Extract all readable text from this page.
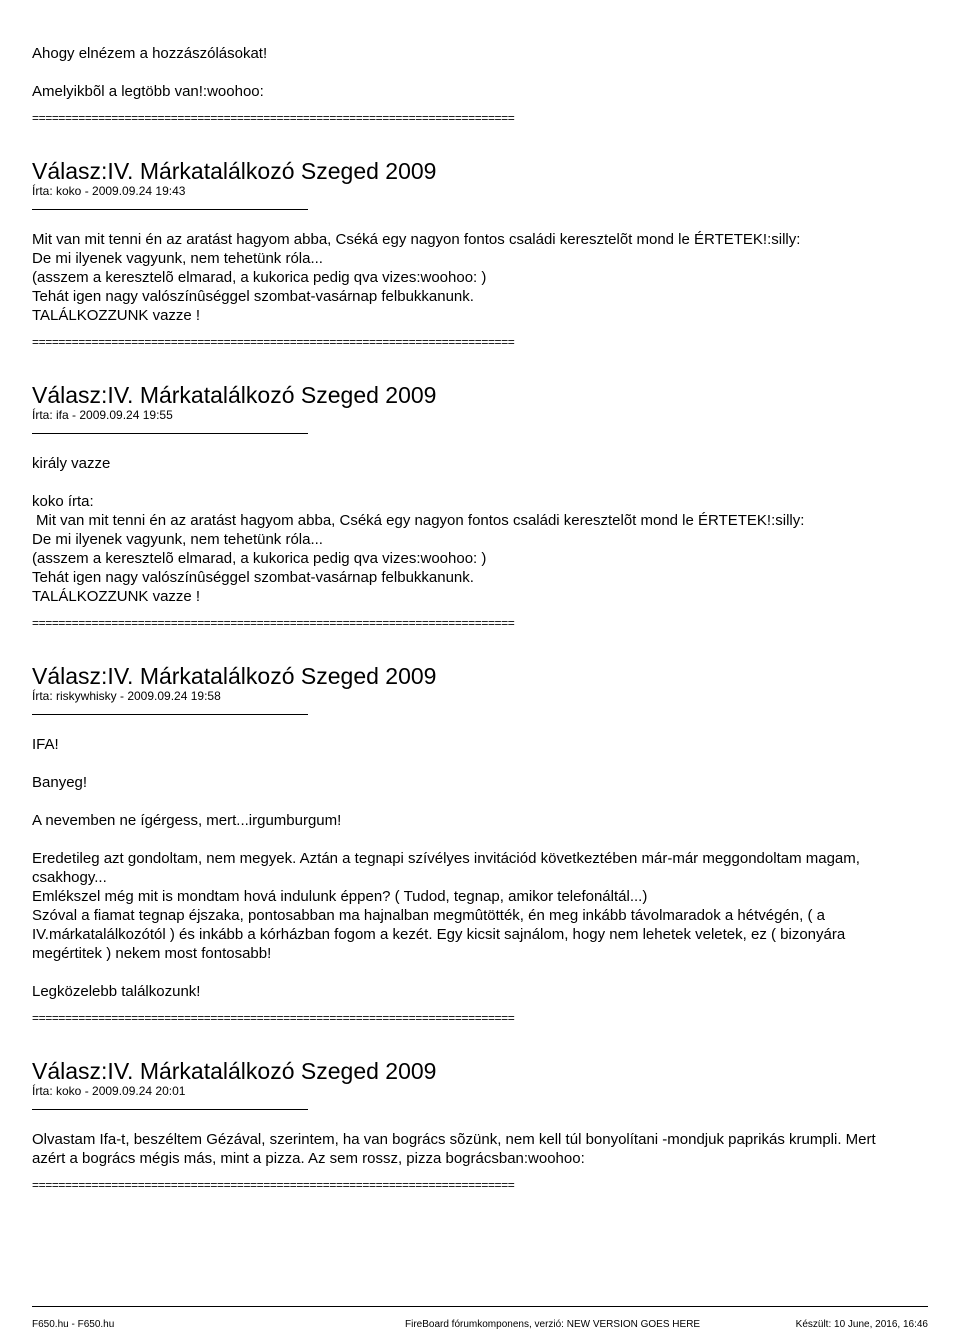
Ahogy elnézem a hozzászólásokat!

Amelyikbõl a legtöbb van!:woohoo:

=========================================================================

Válasz:IV. Márkatalálkozó Szeged 2009

Írta: koko - 2009.09.24 19:43

Mit van mit tenni én az aratást hagyom abba, Cséká egy nagyon fontos családi keresztelõt mond le ÉRTETEK!:silly:

De mi ilyenek vagyunk, nem tehetünk róla...

(asszem a keresztelõ elmarad, a kukorica pedig qva vizes:woohoo: )

Tehát igen nagy valószínûséggel szombat-vasárnap felbukkanunk.

TALÁLKOZZUNK vazze !

=========================================================================

Válasz:IV. Márkatalálkozó Szeged 2009

Írta: ifa - 2009.09.24 19:55

király vazze

koko írta:

Mit van mit tenni én az aratást hagyom abba, Cséká egy nagyon fontos családi keresztelõt mond le ÉRTETEK!:silly:

De mi ilyenek vagyunk, nem tehetünk róla...

(asszem a keresztelõ elmarad, a kukorica pedig qva vizes:woohoo: )

Tehát igen nagy valószínûséggel szombat-vasárnap felbukkanunk.

TALÁLKOZZUNK vazze !

=========================================================================

Válasz:IV. Márkatalálkozó Szeged 2009

Írta: riskywhisky - 2009.09.24 19:58

IFA!

Banyeg!

A nevemben ne ígérgess, mert...irgumburgum!

Eredetileg azt gondoltam, nem megyek. Aztán a tegnapi szívélyes invitációd következtében már-már meggondoltam magam, csakhogy...

Emlékszel még mit is mondtam hová indulunk éppen? ( Tudod, tegnap, amikor telefonáltál...)

Szóval a fiamat tegnap éjszaka, pontosabban ma hajnalban megmûtötték, én meg inkább távolmaradok a hétvégén, ( a IV.márkatalálkozótól ) és inkább a kórházban fogom a kezét. Egy kicsit sajnálom, hogy nem lehetek veletek, ez ( bizonyára megértitek ) nekem most fontosabb!

Legközelebb találkozunk!

=========================================================================

Válasz:IV. Márkatalálkozó Szeged 2009

Írta: koko - 2009.09.24 20:01

Olvastam Ifa-t, beszéltem Gézával, szerintem, ha van bogrács sõzünk, nem kell túl bonyolítani -mondjuk paprikás krumpli. Mert azért a bogrács mégis más, mint a pizza. Az sem rossz, pizza bográcsban:woohoo:

=========================================================================

F650.hu - F650.hu	FireBoard fórumkomponens, verzió: NEW VERSION GOES HERE	Készült: 10 June, 2016, 16:46
